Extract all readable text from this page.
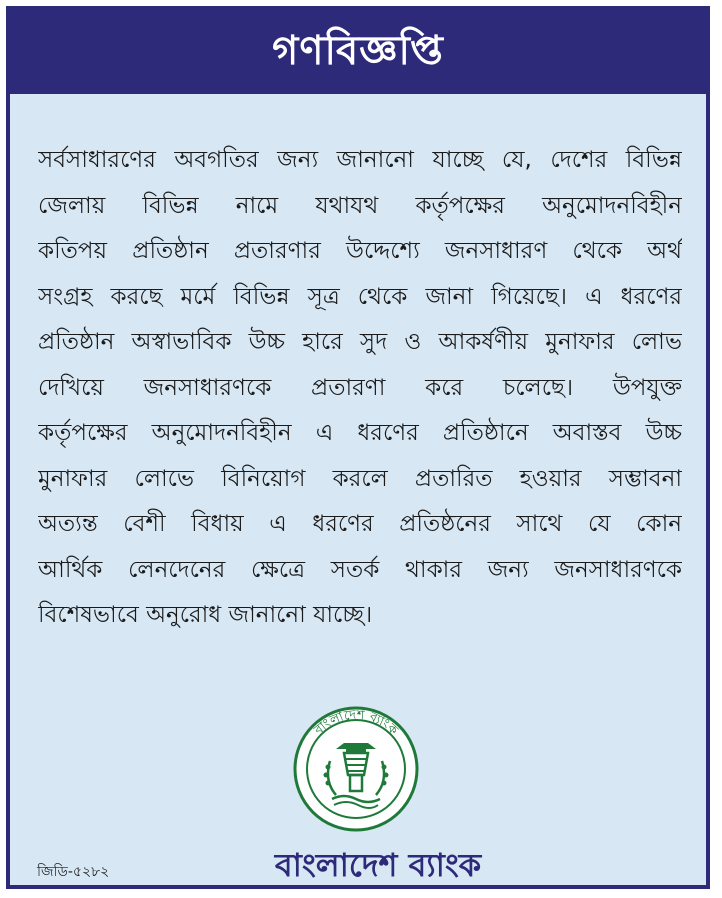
গণবিজ্ঞপ্তি
সর্বসাধারণের অবগতির জন্য জানানো যাচ্ছে যে, দেশের বিভিন্ন
জেলায় বিভিন্ন নামে যথাযথ কর্তৃপক্ষের অনুমোদনবিহীন
কতিপয় প্রতিষ্ঠান প্রতারণার উদ্দেশ্যে জনসাধারণ থেকে অর্থ
সংগ্রহ করছে মর্মে বিভিন্ন সূত্র থেকে জানা গিয়েছে। এ ধরণের
প্রতিষ্ঠান অস্বাভাবিক উচ্চ হারে সুদ ও আকর্ষণীয় মুনাফার লোভ
দেখিয়ে জনসাধারণকে প্রতারণা করে চলেছে। উপযুক্ত
কর্তৃপক্ষের অনুমোদনবিহীন এ ধরণের প্রতিষ্ঠানে অবাস্তব উচ্চ
মুনাফার লোভে বিনিয়োগ করলে প্রতারিত হওয়ার সম্ভাবনা
অত্যন্ত বেশী বিধায় এ ধরণের প্রতিষ্ঠনের সাথে যে কোন
আর্থিক লেনদেনের ক্ষেত্রে সতর্ক থাকার জন্য জনসাধারণকে
বিশেষভাবে অনুরোধ জানানো যাচ্ছে।
বাংলাদেশ ব্যাংক
বাংলাদেশ ব্যাংক
জিডি-৫২৮২
